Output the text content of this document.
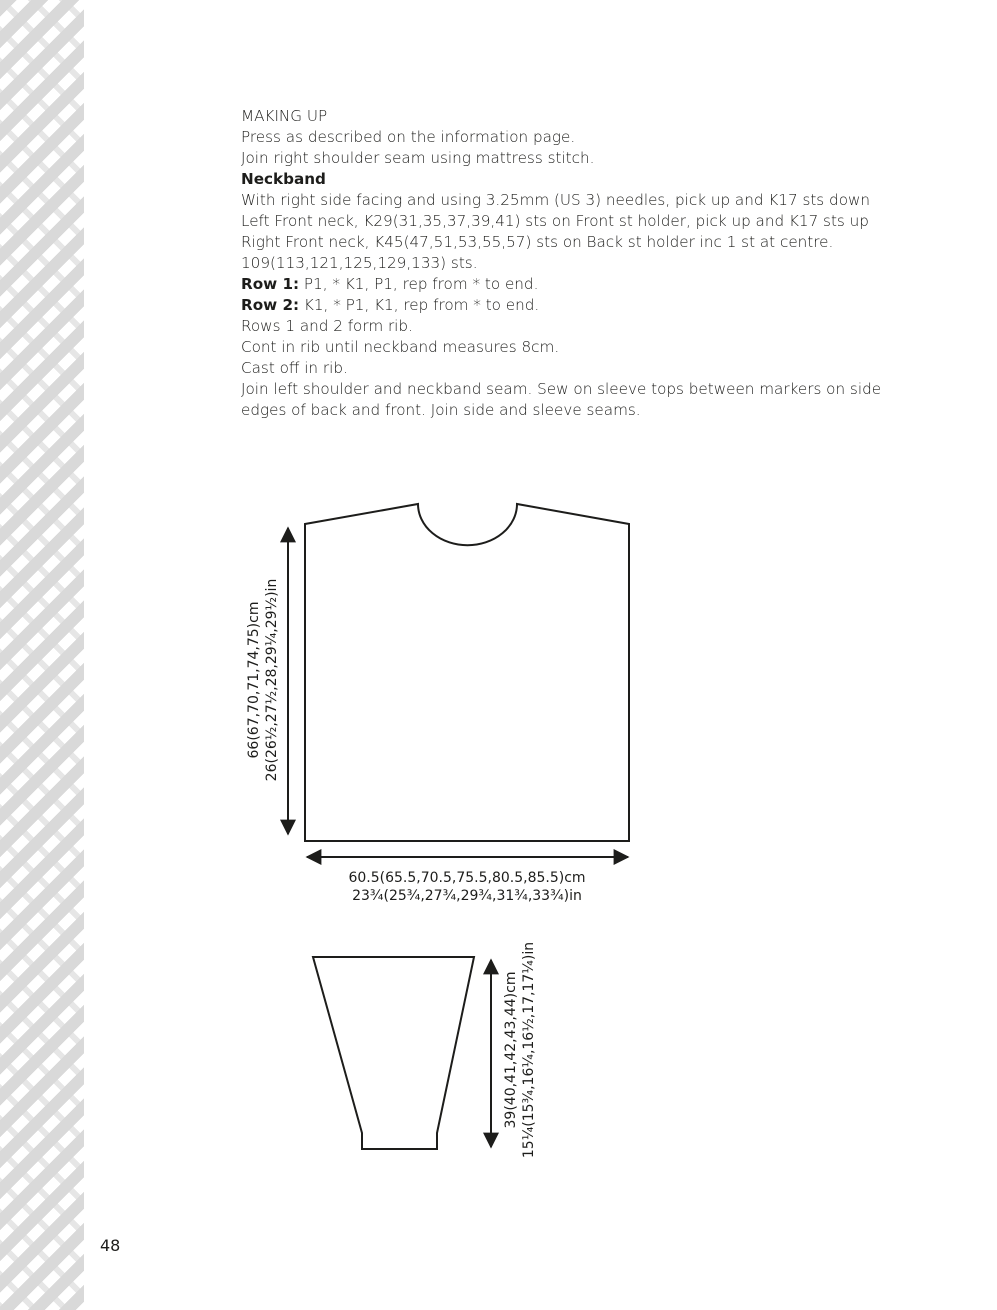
MAKING UP

Press as described on the information page.

Join right shoulder seam using mattress stitch.

Neckband

With right side facing and using 3.25mm (US 3) needles, pick up and K17 sts down Left Front neck, K29(31,35,37,39,41) sts on Front st holder, pick up and K17 sts up Right Front neck, K45(47,51,53,55,57) sts on Back st holder inc 1 st at centre.

109(113,121,125,129,133) sts.

Row 1: P1, * K1, P1, rep from * to end.

Row 2: K1, * P1, K1, rep from * to end.

Rows 1 and 2 form rib.

Cont in rib until neckband measures 8cm.

Cast off in rib.

Join left shoulder and neckband seam. Sew on sleeve tops between markers on side edges of back and front. Join side and sleeve seams.

66(67,70,71,74,75)cm 26(26½,27½,28,29¼,29½)in
60.5(65.5,70.5,75.5,80.5,85.5)cm
23¾(25¾,27¾,29¾,31¾,33¾)in
39(40,41,42,43,44)cm 15¼(15¾,16¼,16½,17,17¼)in
48
